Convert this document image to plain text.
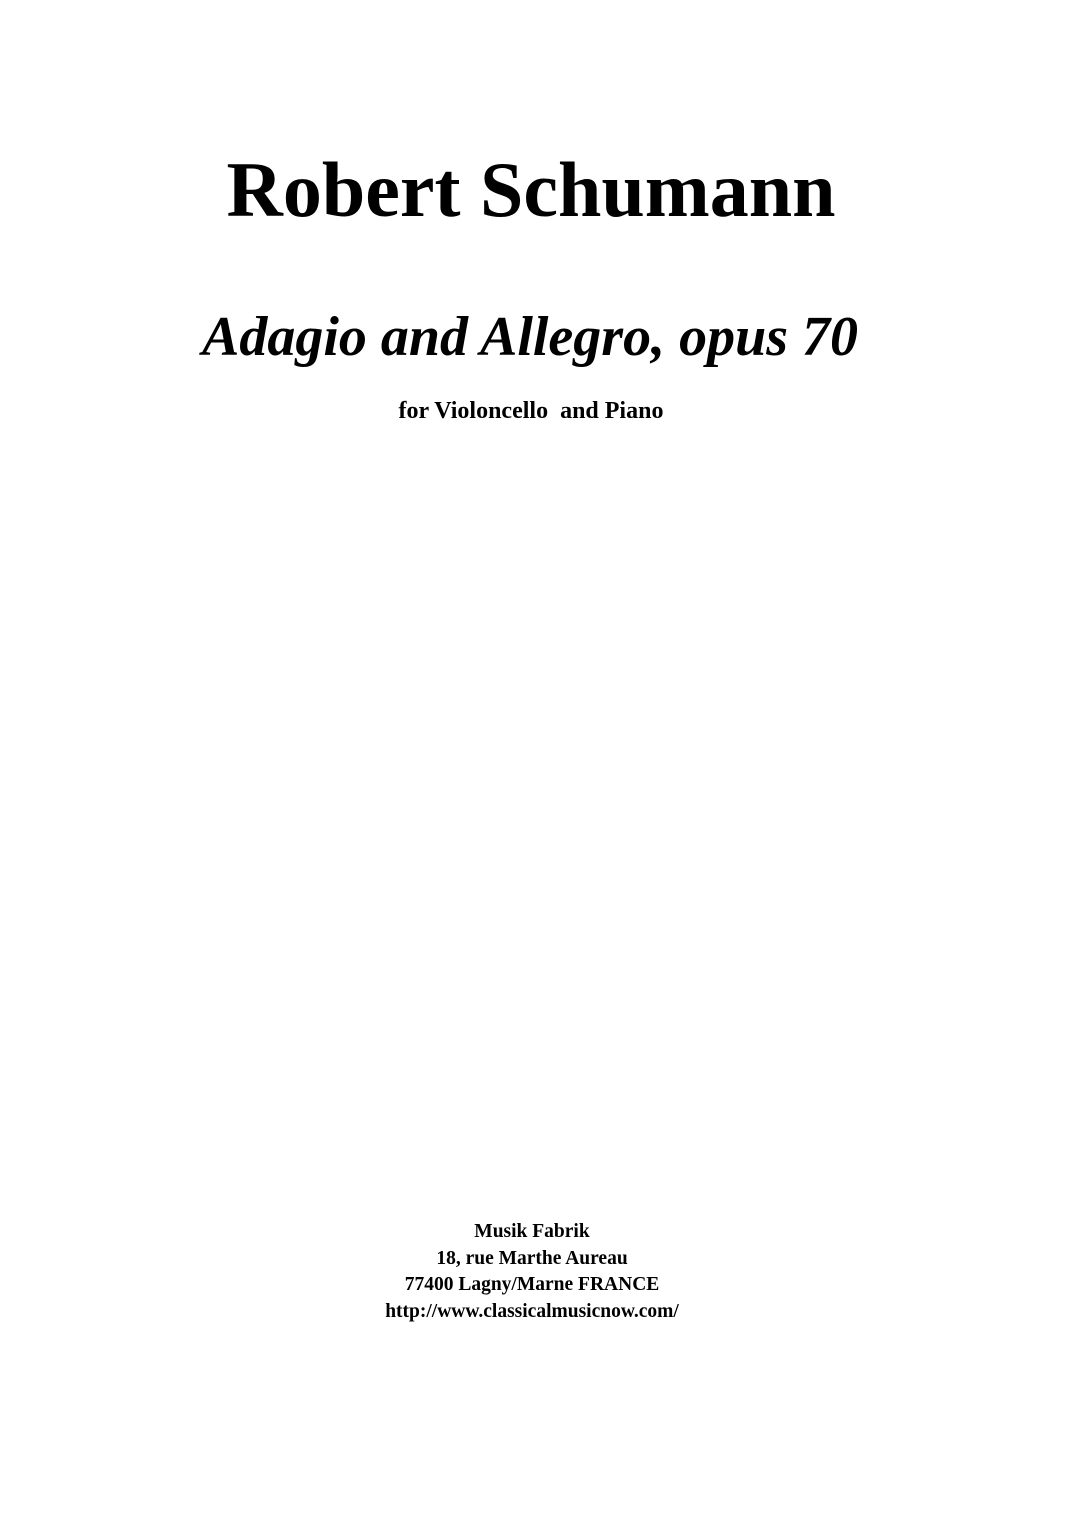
Robert Schumann
Adagio and Allegro, opus 70
for Violoncello  and Piano
Musik Fabrik
18, rue Marthe Aureau
77400 Lagny/Marne FRANCE
http://www.classicalmusicnow.com/
